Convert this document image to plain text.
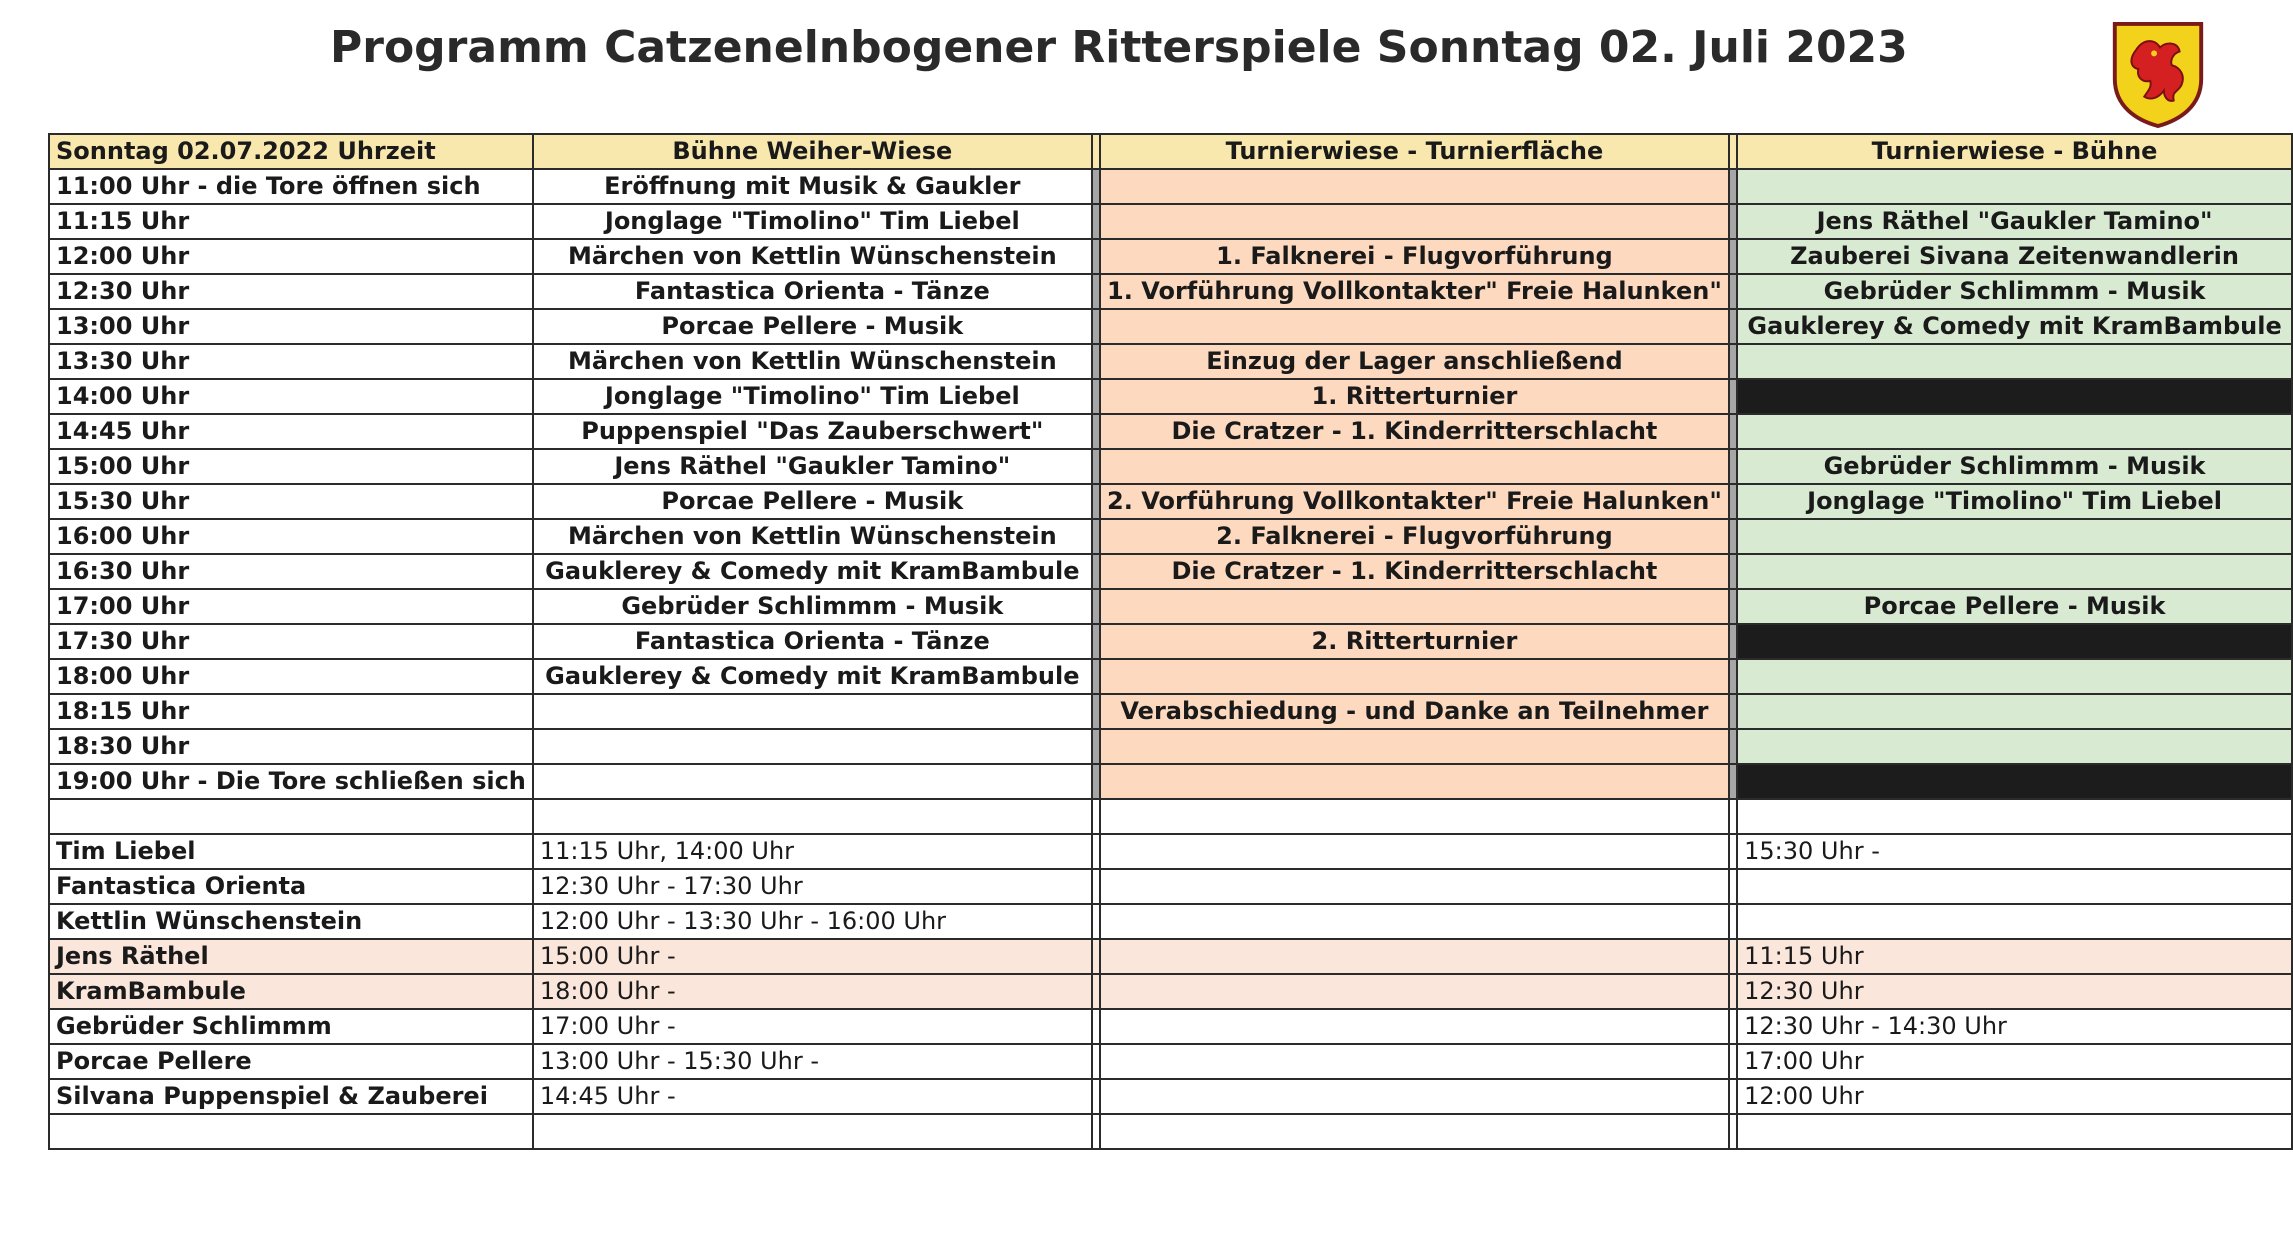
Programm Catzenelnbogener Ritterspiele Sonntag 02. Juli 2023
Sonntag 02.07.2022 Uhrzeit	Bühne Weiher-Wiese		Turnierwiese - Turnierfläche		Turnierwiese - Bühne
11:00 Uhr - die Tore öffnen sich	Eröffnung mit Musik & Gaukler				
11:15 Uhr	Jonglage "Timolino" Tim Liebel				Jens Räthel "Gaukler Tamino"
12:00 Uhr	Märchen von Kettlin Wünschenstein		1. Falknerei - Flugvorführung		Zauberei Sivana Zeitenwandlerin
12:30 Uhr	Fantastica Orienta - Tänze		1. Vorführung Vollkontakter" Freie Halunken"		Gebrüder Schlimmm - Musik
13:00 Uhr	Porcae Pellere - Musik				Gauklerey & Comedy mit KramBambule
13:30 Uhr	Märchen von Kettlin Wünschenstein		Einzug der Lager anschließend		
14:00 Uhr	Jonglage "Timolino" Tim Liebel		1. Ritterturnier		
14:45 Uhr	Puppenspiel "Das Zauberschwert"		Die Cratzer - 1. Kinderritterschlacht		
15:00 Uhr	Jens Räthel "Gaukler Tamino"				Gebrüder Schlimmm - Musik
15:30 Uhr	Porcae Pellere - Musik		2. Vorführung Vollkontakter" Freie Halunken"		Jonglage "Timolino" Tim Liebel
16:00 Uhr	Märchen von Kettlin Wünschenstein		2. Falknerei - Flugvorführung		
16:30 Uhr	Gauklerey & Comedy mit KramBambule		Die Cratzer - 1. Kinderritterschlacht		
17:00 Uhr	Gebrüder Schlimmm - Musik				Porcae Pellere - Musik
17:30 Uhr	Fantastica Orienta - Tänze		2. Ritterturnier		
18:00 Uhr	Gauklerey & Comedy mit KramBambule				
18:15 Uhr			Verabschiedung - und Danke an Teilnehmer		
18:30 Uhr					
19:00 Uhr - Die Tore schließen sich					

Tim Liebel	11:15 Uhr, 14:00 Uhr				15:30 Uhr -
Fantastica Orienta	12:30 Uhr - 17:30 Uhr				
Kettlin Wünschenstein	12:00 Uhr - 13:30 Uhr - 16:00 Uhr				
Jens Räthel	15:00 Uhr -				11:15 Uhr
KramBambule	18:00 Uhr -				12:30 Uhr
Gebrüder Schlimmm	17:00 Uhr -				12:30 Uhr - 14:30 Uhr
Porcae Pellere	13:00 Uhr - 15:30 Uhr -				17:00 Uhr
Silvana Puppenspiel & Zauberei	14:45 Uhr -				12:00 Uhr
